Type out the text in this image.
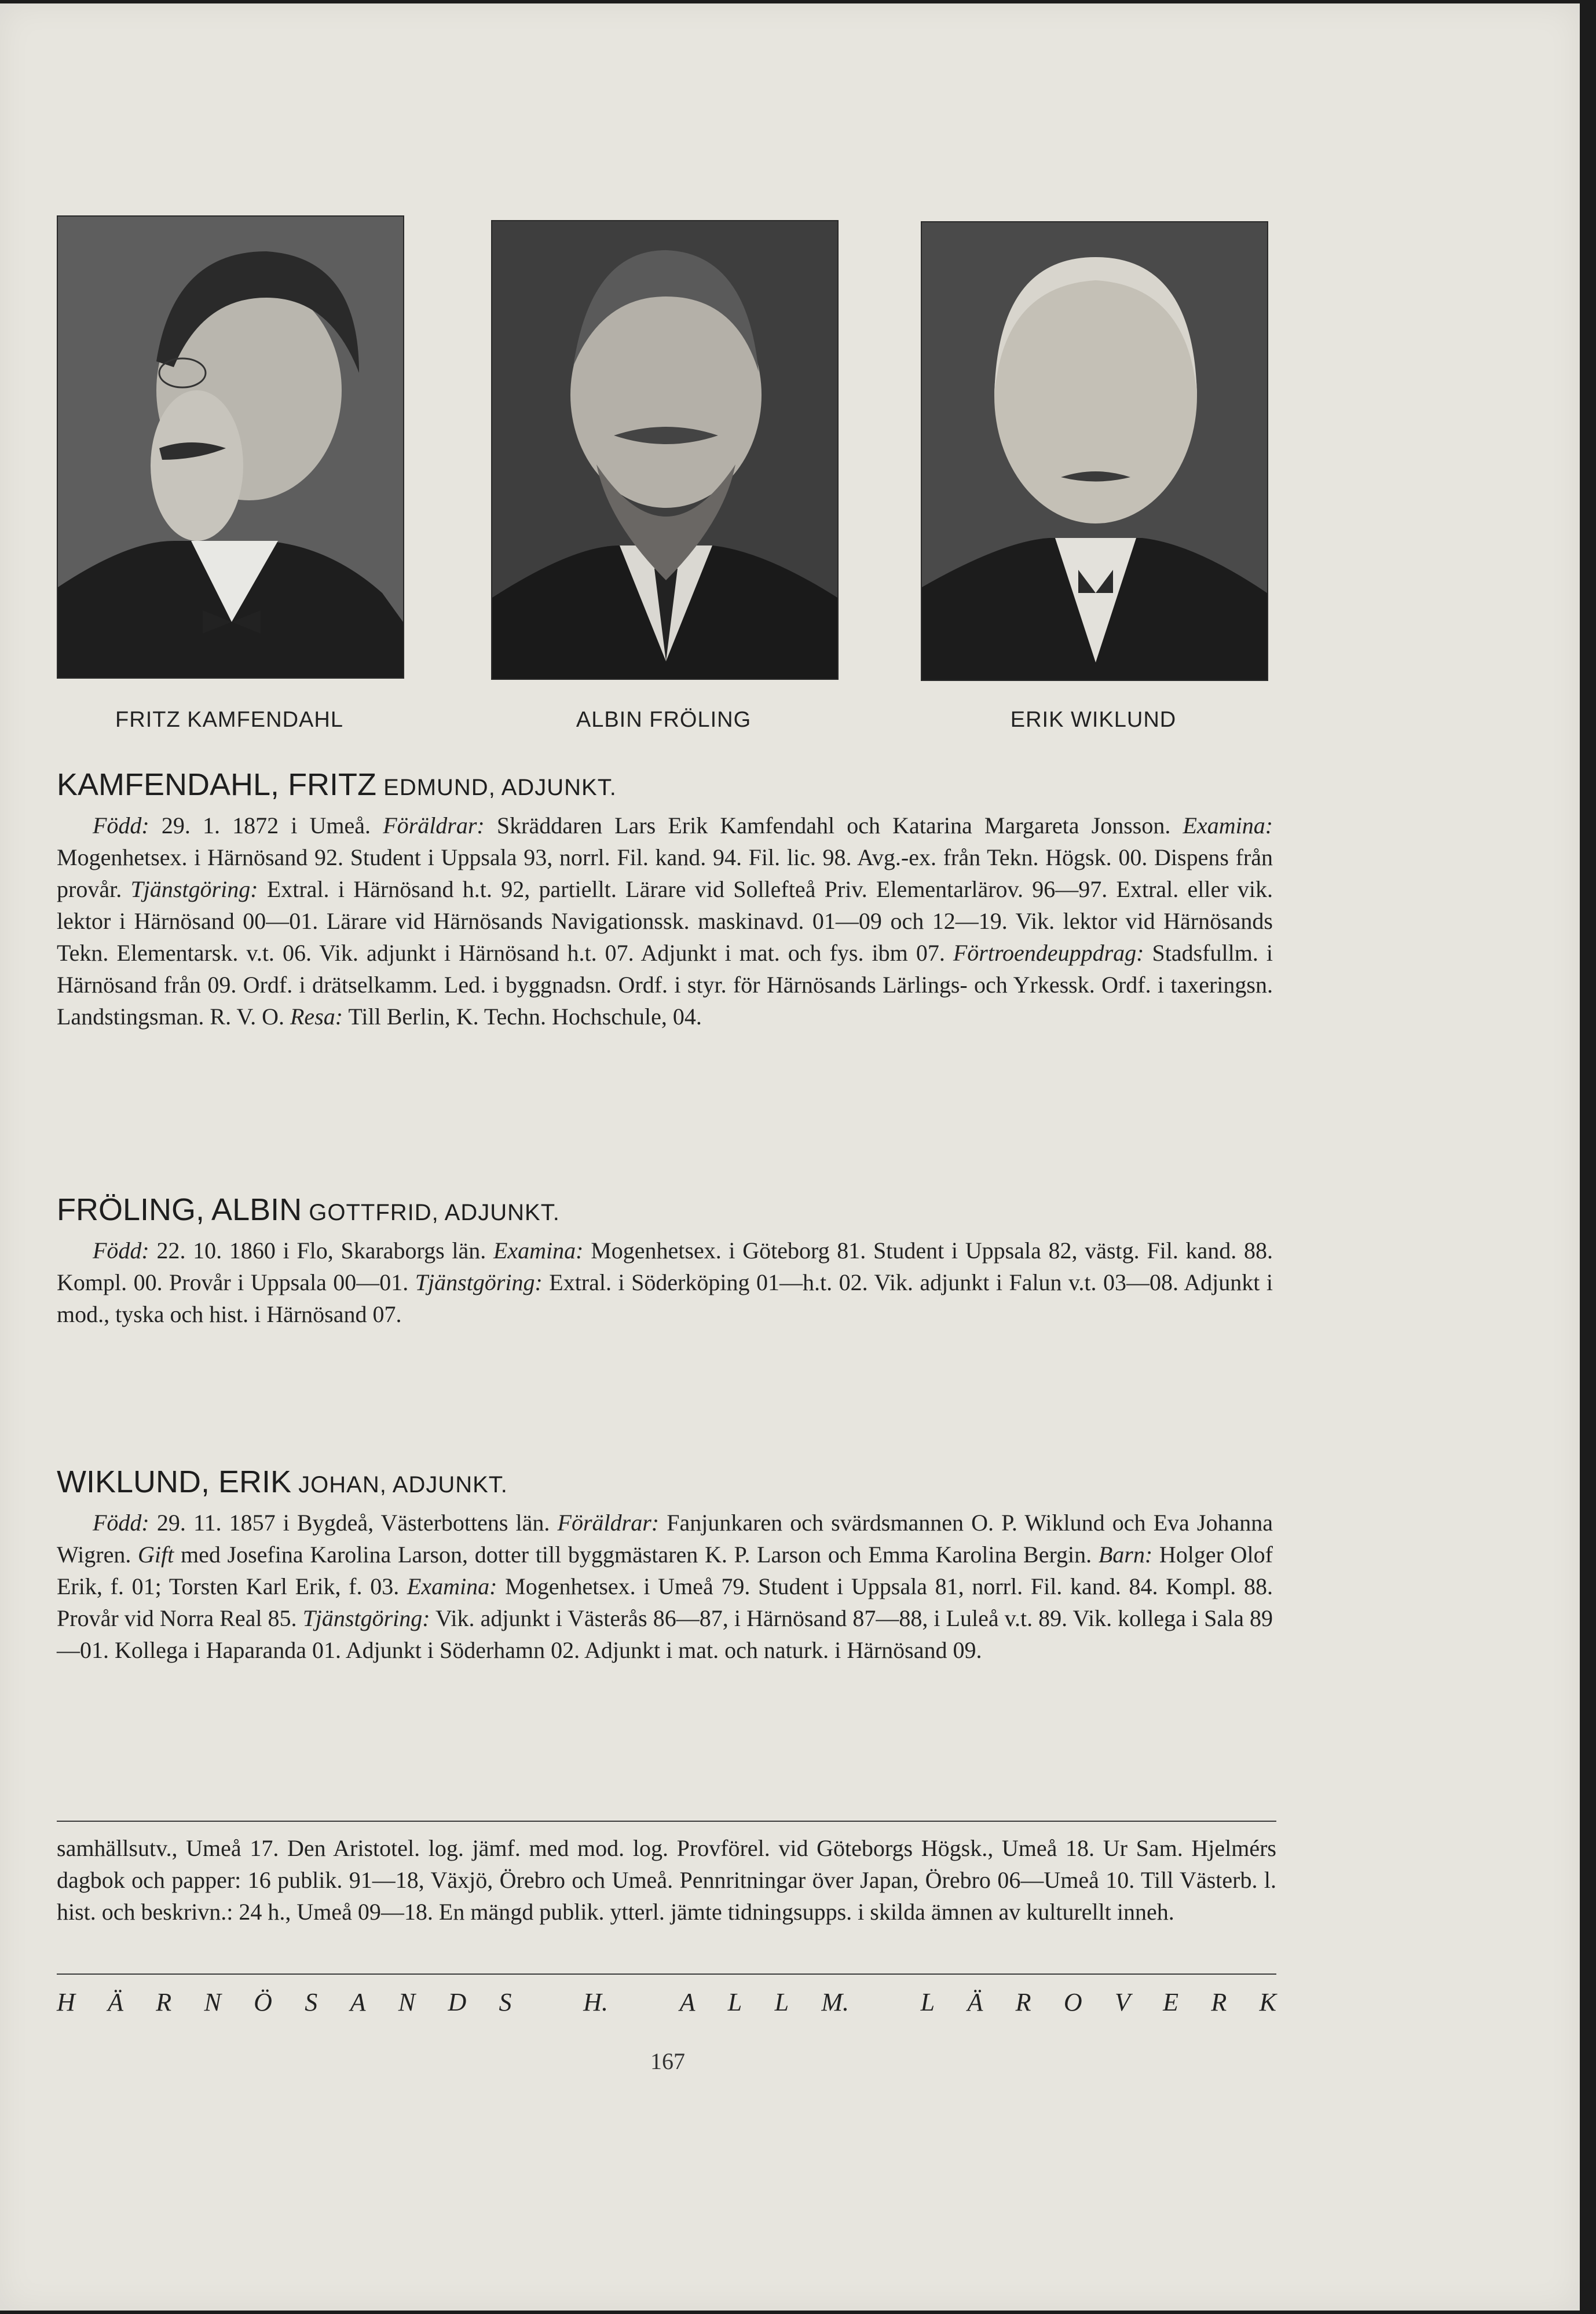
FRITZ KAMFENDAHL	ALBIN FRÖLING	ERIK WIKLUND
KAMFENDAHL, FRITZ EDMUND, ADJUNKT.
Född: 29. 1. 1872 i Umeå. Föräldrar: Skräddaren Lars Erik Kamfendahl och Katarina Margareta Jonsson. Examina: Mogenhetsex. i Härnösand 92. Student i Uppsala 93, norrl. Fil. kand. 94. Fil. lic. 98. Avg.-ex. från Tekn. Högsk. 00. Dispens från provår. Tjänstgöring: Extral. i Härnösand h.t. 92, partiellt. Lärare vid Sollefteå Priv. Elementarlärov. 96—97. Extral. eller vik. lektor i Härnösand 00—01. Lärare vid Härnösands Navigationssk. maskinavd. 01—09 och 12—19. Vik. lektor vid Härnösands Tekn. Elementarsk. v.t. 06. Vik. adjunkt i Härnösand h.t. 07. Adjunkt i mat. och fys. ibm 07. Förtroendeuppdrag: Stadsfullm. i Härnösand från 09. Ordf. i drätselkamm. Led. i byggnadsn. Ordf. i styr. för Härnösands Lärlings- och Yrkessk. Ordf. i taxeringsn. Landstingsman. R. V. O. Resa: Till Berlin, K. Techn. Hochschule, 04.
FRÖLING, ALBIN GOTTFRID, ADJUNKT.
Född: 22. 10. 1860 i Flo, Skaraborgs län. Examina: Mogenhetsex. i Göteborg 81. Student i Uppsala 82, västg. Fil. kand. 88. Kompl. 00. Provår i Uppsala 00—01. Tjänstgöring: Extral. i Söderköping 01—h.t. 02. Vik. adjunkt i Falun v.t. 03—08. Adjunkt i mod., tyska och hist. i Härnösand 07.
WIKLUND, ERIK JOHAN, ADJUNKT.
Född: 29. 11. 1857 i Bygdeå, Västerbottens län. Föräldrar: Fanjunkaren och svärdsmannen O. P. Wiklund och Eva Johanna Wigren. Gift med Josefina Karolina Larson, dotter till byggmästaren K. P. Larson och Emma Karolina Bergin. Barn: Holger Olof Erik, f. 01; Torsten Karl Erik, f. 03. Examina: Mogenhetsex. i Umeå 79. Student i Uppsala 81, norrl. Fil. kand. 84. Kompl. 88. Provår vid Norra Real 85. Tjänstgöring: Vik. adjunkt i Västerås 86—87, i Härnösand 87—88, i Luleå v.t. 89. Vik. kollega i Sala 89—01. Kollega i Haparanda 01. Adjunkt i Söderhamn 02. Adjunkt i mat. och naturk. i Härnösand 09.
samhällsutv., Umeå 17. Den Aristotel. log. jämf. med mod. log. Provförel. vid Göteborgs Högsk., Umeå 18. Ur Sam. Hjelmérs dagbok och papper: 16 publik. 91—18, Växjö, Örebro och Umeå. Pennritningar över Japan, Örebro 06—Umeå 10. Till Västerb. l. hist. och beskrivn.: 24 h., Umeå 09—18. En mängd publik. ytterl. jämte tidningsupps. i skilda ämnen av kulturellt inneh.
H Ä R N Ö S A N D S
	H.
	A L L M.
	L Ä R O V E R K
167
